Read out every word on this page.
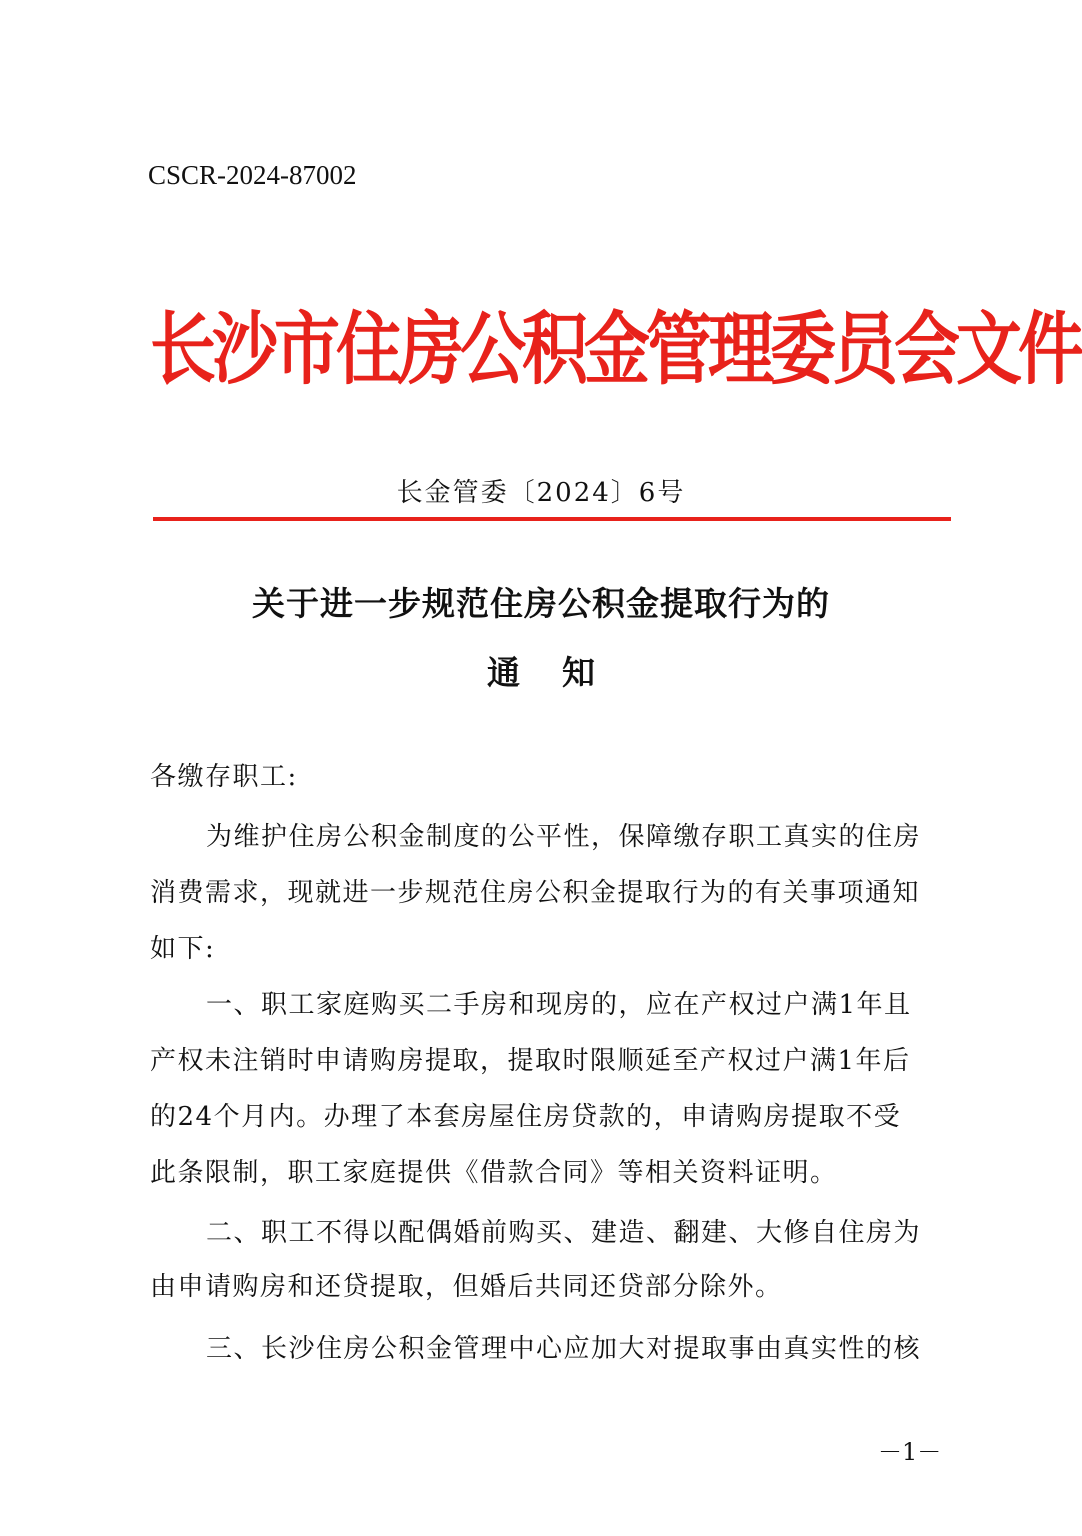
CSCR-2024-87002
长沙市住房公积金管理委员会文件
长金管委〔2024〕6号
关于进一步规范住房公积金提取行为的
通知
各缴存职工:
为维护住房公积金制度的公平性，保障缴存职工真实的住房
消费需求，现就进一步规范住房公积金提取行为的有关事项通知
如下:
一、职工家庭购买二手房和现房的，应在产权过户满1年且
产权未注销时申请购房提取，提取时限顺延至产权过户满1年后
的24个月内。办理了本套房屋住房贷款的，申请购房提取不受
此条限制，职工家庭提供《借款合同》等相关资料证明。
二、职工不得以配偶婚前购买、建造、翻建、大修自住房为
由申请购房和还贷提取，但婚后共同还贷部分除外。
三、长沙住房公积金管理中心应加大对提取事由真实性的核
－1－
